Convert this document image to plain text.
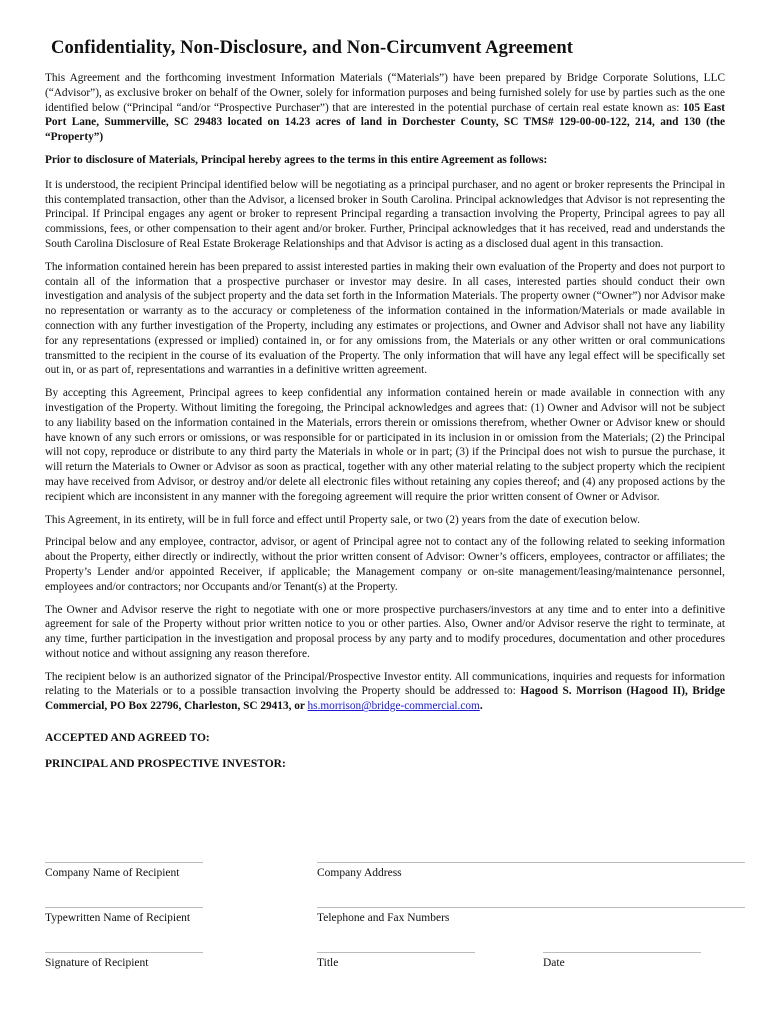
Confidentiality, Non-Disclosure, and Non-Circumvent Agreement

This Agreement and the forthcoming investment Information Materials (“Materials”) have been prepared by Bridge Corporate Solutions, LLC (“Advisor”), as exclusive broker on behalf of the Owner, solely for information purposes and being furnished solely for use by parties such as the one identified below (“Principal “and/or “Prospective Purchaser”) that are interested in the potential purchase of certain real estate known as: 105 East Port Lane, Summerville, SC 29483 located on 14.23 acres of land in Dorchester County, SC TMS# 129-00-00-122, 214, and 130 (the “Property”)

Prior to disclosure of Materials, Principal hereby agrees to the terms in this entire Agreement as follows:

It is understood, the recipient Principal identified below will be negotiating as a principal purchaser, and no agent or broker represents the Principal in this contemplated transaction, other than the Advisor, a licensed broker in South Carolina. Principal acknowledges that Advisor is not representing the Principal. If Principal engages any agent or broker to represent Principal regarding a transaction involving the Property, Principal agrees to pay all commissions, fees, or other compensation to their agent and/or broker. Further, Principal acknowledges that it has received, read and understands the South Carolina Disclosure of Real Estate Brokerage Relationships and that Advisor is acting as a disclosed dual agent in this transaction.

The information contained herein has been prepared to assist interested parties in making their own evaluation of the Property and does not purport to contain all of the information that a prospective purchaser or investor may desire. In all cases, interested parties should conduct their own investigation and analysis of the subject property and the data set forth in the Information Materials. The property owner (“Owner”) nor Advisor make no representation or warranty as to the accuracy or completeness of the information contained in the information/Materials or made available in connection with any further investigation of the Property, including any estimates or projections, and Owner and Advisor shall not have any liability for any representations (expressed or implied) contained in, or for any omissions from, the Materials or any other written or oral communications transmitted to the recipient in the course of its evaluation of the Property. The only information that will have any legal effect will be specifically set out in, or as part of, representations and warranties in a definitive written agreement.

By accepting this Agreement, Principal agrees to keep confidential any information contained herein or made available in connection with any investigation of the Property. Without limiting the foregoing, the Principal acknowledges and agrees that: (1) Owner and Advisor will not be subject to any liability based on the information contained in the Materials, errors therein or omissions therefrom, whether Owner or Advisor knew or should have known of any such errors or omissions, or was responsible for or participated in its inclusion in or omission from the Materials; (2) the Principal will not copy, reproduce or distribute to any third party the Materials in whole or in part; (3) if the Principal does not wish to pursue the purchase, it will return the Materials to Owner or Advisor as soon as practical, together with any other material relating to the subject property which the recipient may have received from Advisor, or destroy and/or delete all electronic files without retaining any copies thereof; and (4) any proposed actions by the recipient which are inconsistent in any manner with the foregoing agreement will require the prior written consent of Owner or Advisor.

This Agreement, in its entirety, will be in full force and effect until Property sale, or two (2) years from the date of execution below.

Principal below and any employee, contractor, advisor, or agent of Principal agree not to contact any of the following related to seeking information about the Property, either directly or indirectly, without the prior written consent of Advisor: Owner’s officers, employees, contractor or affiliates; the Property’s Lender and/or appointed Receiver, if applicable; the Management company or on-site management/leasing/maintenance personnel, employees and/or contractors; nor Occupants and/or Tenant(s) at the Property.

The Owner and Advisor reserve the right to negotiate with one or more prospective purchasers/investors at any time and to enter into a definitive agreement for sale of the Property without prior written notice to you or other parties. Also, Owner and/or Advisor reserve the right to terminate, at any time, further participation in the investigation and proposal process by any party and to modify procedures, documentation and other procedures without notice and without assigning any reason therefore.

The recipient below is an authorized signator of the Principal/Prospective Investor entity. All communications, inquiries and requests for information relating to the Materials or to a possible transaction involving the Property should be addressed to: Hagood S. Morrison (Hagood II), Bridge Commercial, PO Box 22796, Charleston, SC 29413, or hs.morrison@bridge-commercial.com.

ACCEPTED AND AGREED TO:
PRINCIPAL AND PROSPECTIVE INVESTOR:
Company Name of Recipient	Company Address
Typewritten Name of Recipient	Telephone and Fax Numbers
Signature of Recipient	Title	Date
